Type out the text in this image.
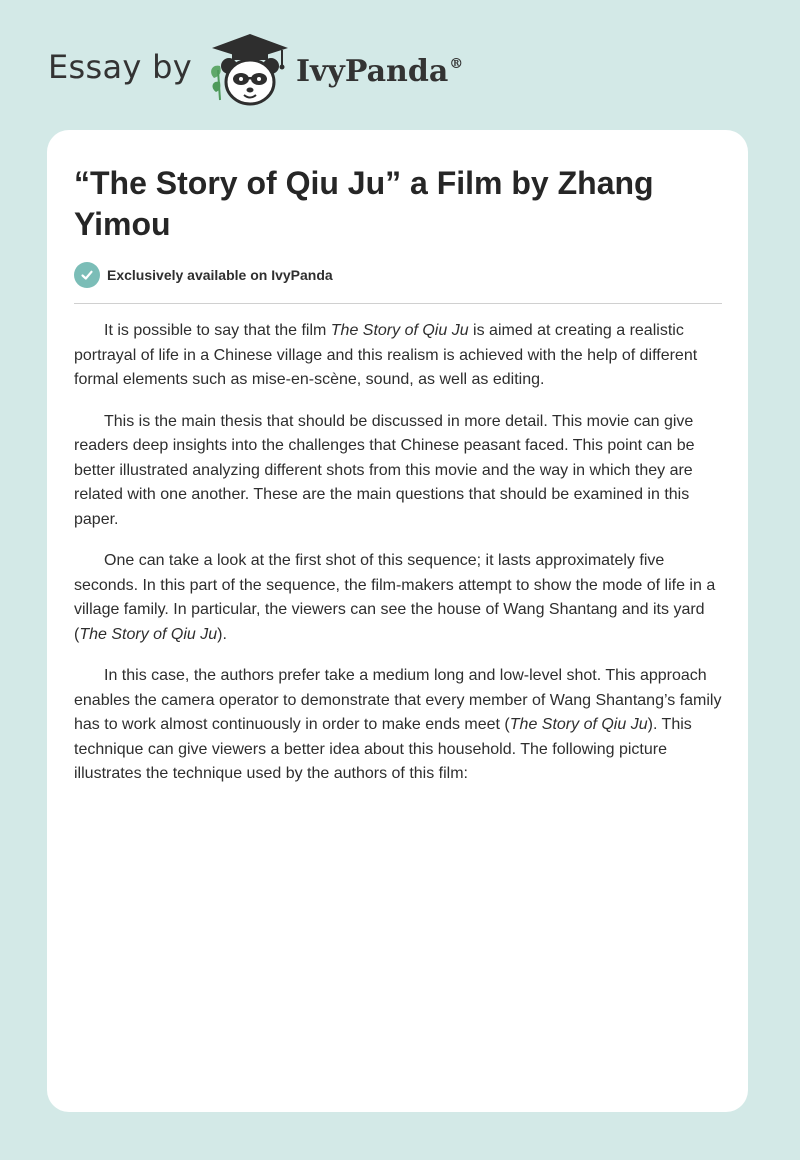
Essay by	IvyPanda®
“The Story of Qiu Ju” a Film by Zhang Yimou
Exclusively available on IvyPanda

It is possible to say that the film The Story of Qiu Ju is aimed at creating a realistic portrayal of life in a Chinese village and this realism is achieved with the help of different formal elements such as mise-en-scène, sound, as well as editing.

This is the main thesis that should be discussed in more detail. This movie can give readers deep insights into the challenges that Chinese peasant faced. This point can be better illustrated analyzing different shots from this movie and the way in which they are related with one another. These are the main questions that should be examined in this paper.

One can take a look at the first shot of this sequence; it lasts approximately five seconds. In this part of the sequence, the film-makers attempt to show the mode of life in a village family. In particular, the viewers can see the house of Wang Shantang and its yard (The Story of Qiu Ju).

In this case, the authors prefer take a medium long and low-level shot. This approach enables the camera operator to demonstrate that every member of Wang Shantang’s family has to work almost continuously in order to make ends meet (The Story of Qiu Ju). This technique can give viewers a better idea about this household. The following picture illustrates the technique used by the authors of this film:
